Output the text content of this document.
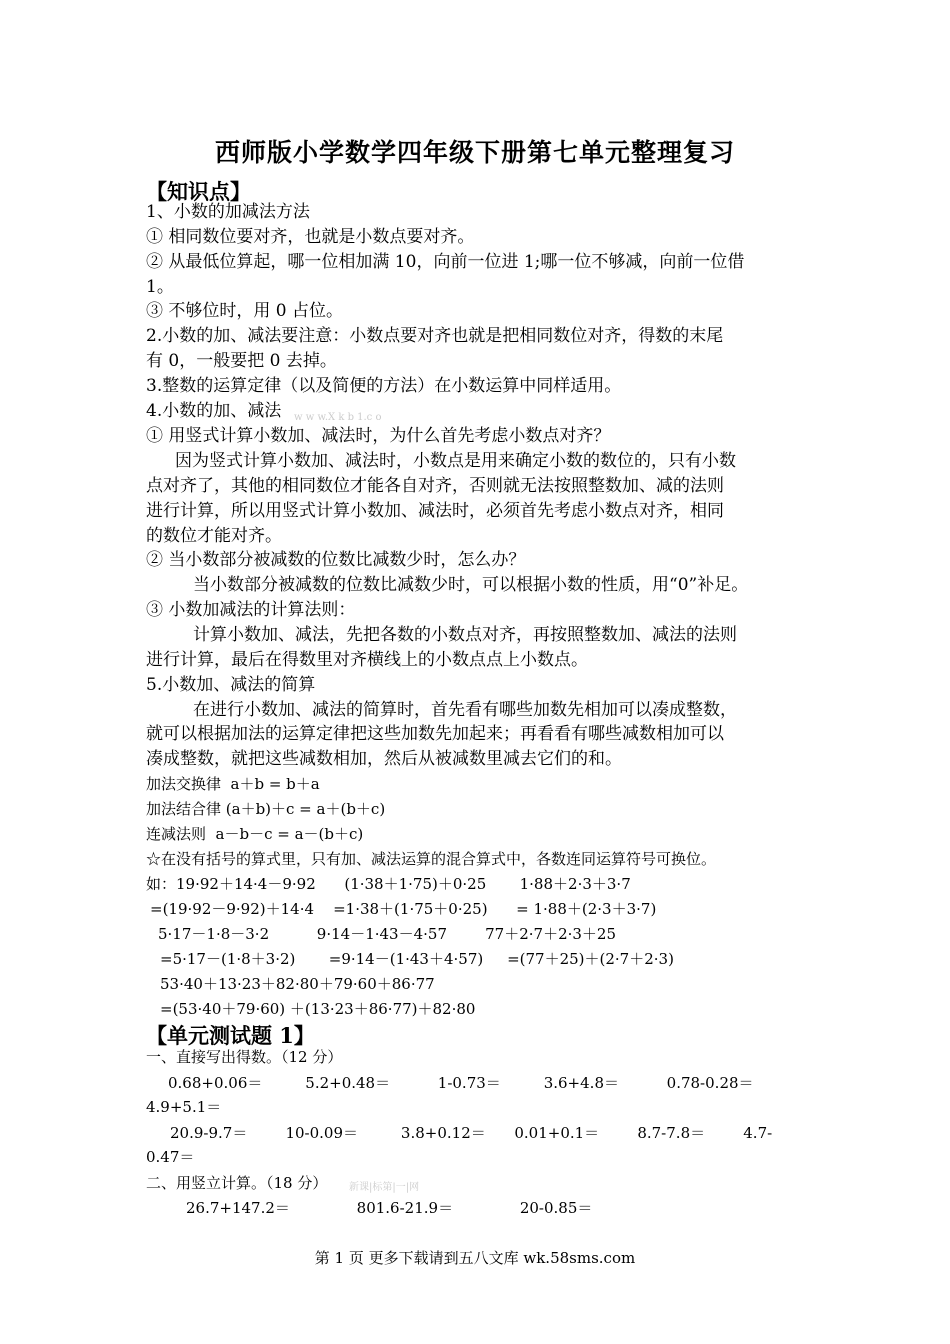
西师版小学数学四年级下册第七单元整理复习
【知识点】
1、小数的加减法方法
① 相同数位要对齐，也就是小数点要对齐。
② 从最低位算起，哪一位相加满 10，向前一位进 1;哪一位不够减，向前一位借
1。
③ 不够位时，用 0 占位。
2.小数的加、减法要注意：小数点要对齐也就是把相同数位对齐，得数的末尾
有 0，一般要把 0 去掉。
3.整数的运算定律（以及简便的方法）在小数运算中同样适用。
4.小数的加、减法 w w w.X k b 1.c o
① 用竖式计算小数加、减法时，为什么首先考虑小数点对齐？
因为竖式计算小数加、减法时，小数点是用来确定小数的数位的，只有小数
点对齐了，其他的相同数位才能各自对齐，否则就无法按照整数加、减的法则
进行计算，所以用竖式计算小数加、减法时，必须首先考虑小数点对齐，相同
的数位才能对齐。
② 当小数部分被减数的位数比减数少时，怎么办？
当小数部分被减数的位数比减数少时，可以根据小数的性质，用“0”补足。
③ 小数加减法的计算法则：
计算小数加、减法，先把各数的小数点对齐，再按照整数加、减法的法则
进行计算，最后在得数里对齐横线上的小数点点上小数点。
5.小数加、减法的简算
在进行小数加、减法的简算时，首先看有哪些加数先相加可以凑成整数，
就可以根据加法的运算定律把这些加数先加起来；再看看有哪些减数相加可以
凑成整数，就把这些减数相加，然后从被减数里减去它们的和。
加法交换律  a＋b = b＋a
加法结合律 (a＋b)＋c = a＋(b＋c)
连减法则  a－b－c = a－(b＋c)
☆在没有括号的算式里，只有加、减法运算的混合算式中，各数连同运算符号可换位。
如：19·92＋14·4－9·92      (1·38＋1·75)＋0·25       1·88＋2·3＋3·7
=(19·92－9·92)＋14·4    =1·38＋(1·75＋0·25)      = 1·88＋(2·3＋3·7)
5·17－1·8－3·2          9·14－1·43－4·57        77＋2·7＋2·3＋25
=5·17－(1·8＋3·2)       =9·14－(1·43＋4·57)     =(77＋25)＋(2·7＋2·3)
53·40＋13·23＋82·80＋79·60＋86·77
=(53·40＋79·60) ＋(13·23＋86·77)＋82·80
【单元测试题 1】
一、直接写出得数。（12 分）
0.68+0.06＝         5.2+0.48＝          1-0.73＝         3.6+4.8＝          0.78-0.28＝
4.9+5.1＝
20.9-9.7＝        10-0.09＝         3.8+0.12＝      0.01+0.1＝        8.7-7.8＝        4.7-
0.47＝
二、用竖立计算。（18 分） 新课|标第|一|网
26.7+147.2＝              801.6-21.9＝              20-0.85＝
第 1 页 更多下载请到五八文库 wk.58sms.com
